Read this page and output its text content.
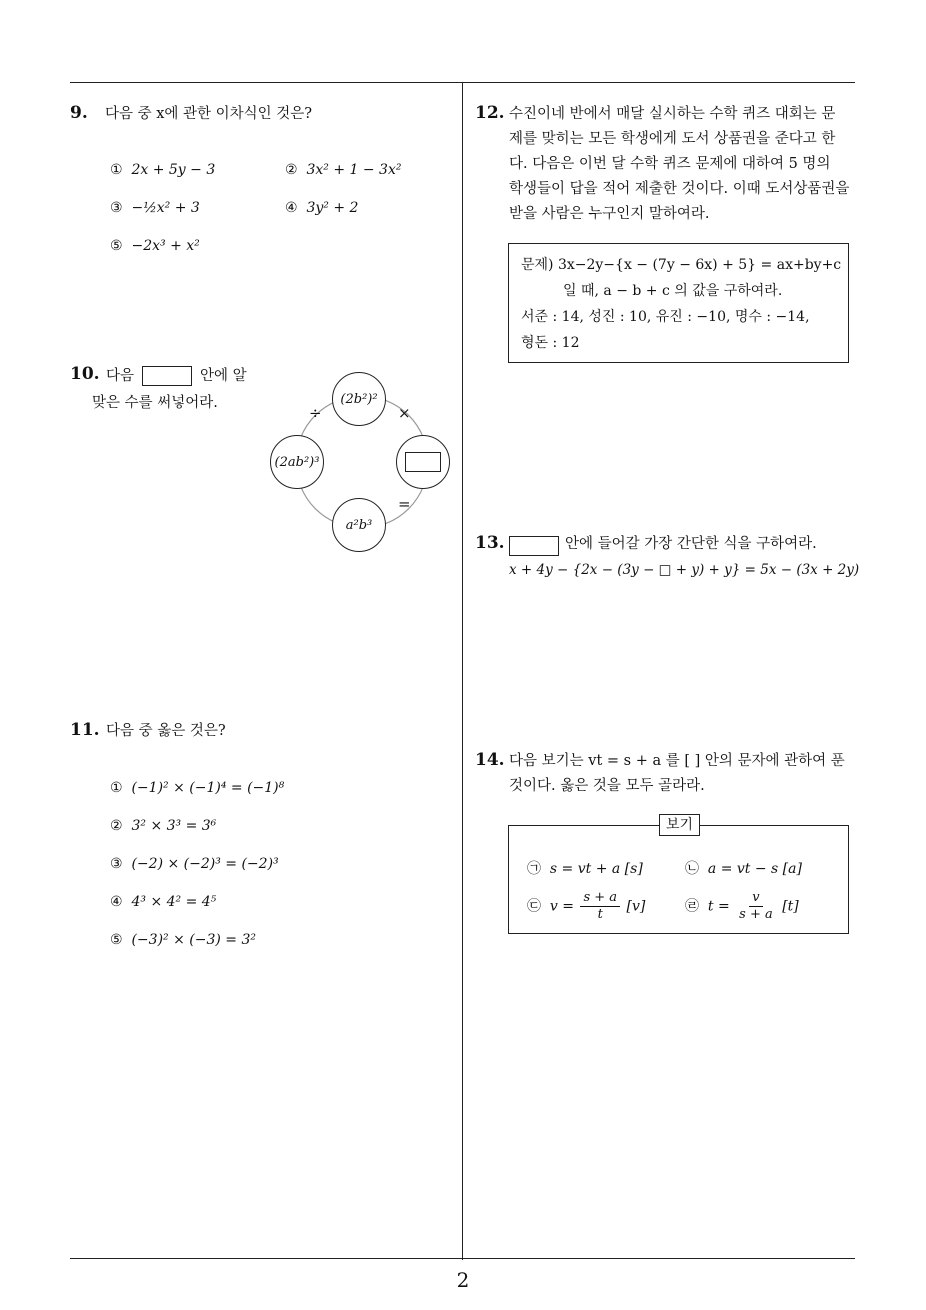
2
9. 다음 중 x에 관한 이차식인 것은?
① 2x + 5y − 3	② 3x² + 1 − 3x²
③ −½x² + 3	④ 3y² + 2
⑤ −2x³ + x²
10. 다음	안에 알
맞은 수를 써넣어라.
÷	×
=
(2b²)²
(2ab²)³
a²b³
11. 다음 중 옳은 것은?
① (−1)² × (−1)⁴ = (−1)⁸
② 3² × 3³ = 3⁶
③ (−2) × (−2)³ = (−2)³
④ 4³ × 4² = 4⁵
⑤ (−3)² × (−3) = 3²
12. 수진이네 반에서 매달 실시하는 수학 퀴즈 대회는 문
제를 맞히는 모든 학생에게 도서 상품권을 준다고 한
다. 다음은 이번 달 수학 퀴즈 문제에 대하여 5 명의
학생들이 답을 적어 제출한 것이다. 이때 도서상품권을
받을 사람은 누구인지 말하여라.
문제) 3x−2y−{x − (7y − 6x) + 5} = ax+by+c
일 때, a − b + c 의 값을 구하여라.
서준 : 14, 성진 : 10, 유진 : −10, 명수 : −14,
형돈 : 12
13.	안에 들어갈 가장 간단한 식을 구하여라.
x + 4y − {2x − (3y − □ + y) + y} = 5x − (3x + 2y)
14. 다음 보기는 vt = s + a 를 [ ] 안의 문자에 관하여 푼
것이다. 옳은 것을 모두 골라라.
보기
㉠ s = vt + a [s]	㉡ a = vt − s [a]
㉢ $v = \frac{s + a}{t} [v]$	㉣ $t = \frac{v}{s + a} [t]$
